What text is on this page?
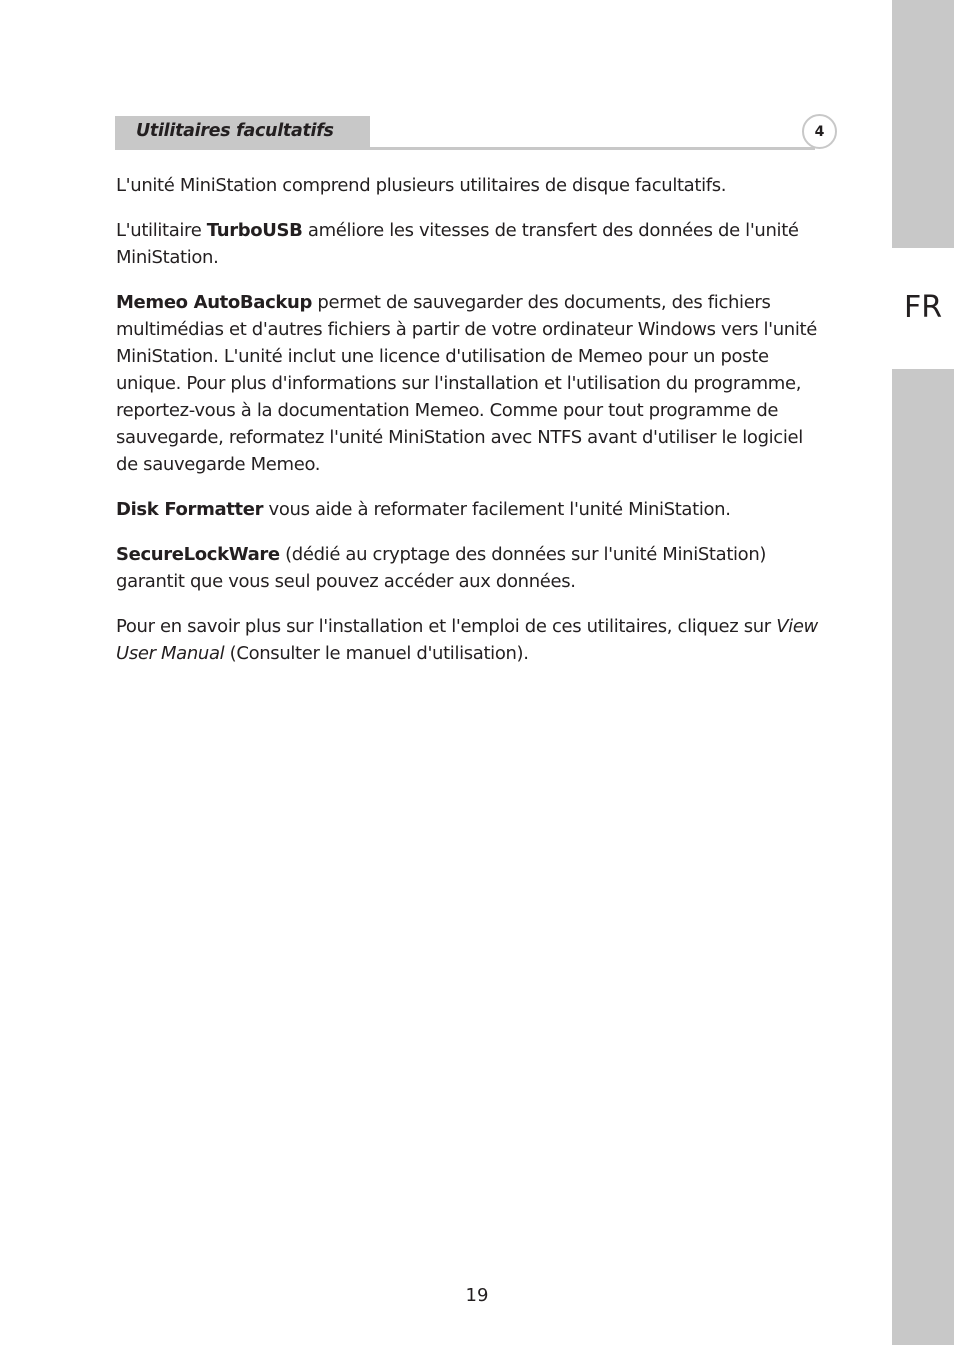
FR
Utilitaires facultatifs	4

L'unité MiniStation comprend plusieurs utilitaires de disque facultatifs.

L'utilitaire TurboUSB améliore les vitesses de transfert des données de l'unité MiniStation.

Memeo AutoBackup permet de sauvegarder des documents, des fichiers multimédias et d'autres fichiers à partir de votre ordinateur Windows vers l'unité MiniStation. L'unité inclut une licence d'utilisation de Memeo pour un poste unique. Pour plus d'informations sur l'installation et l'utilisation du programme, reportez-vous à la documentation Memeo. Comme pour tout programme de sauvegarde, reformatez l'unité MiniStation avec NTFS avant d'utiliser le logiciel de sauvegarde Memeo.

Disk Formatter vous aide à reformater facilement l'unité MiniStation.

SecureLockWare (dédié au cryptage des données sur l'unité MiniStation) garantit que vous seul pouvez accéder aux données.

Pour en savoir plus sur l'installation et l'emploi de ces utilitaires, cliquez sur View User Manual (Consulter le manuel d'utilisation).

19
